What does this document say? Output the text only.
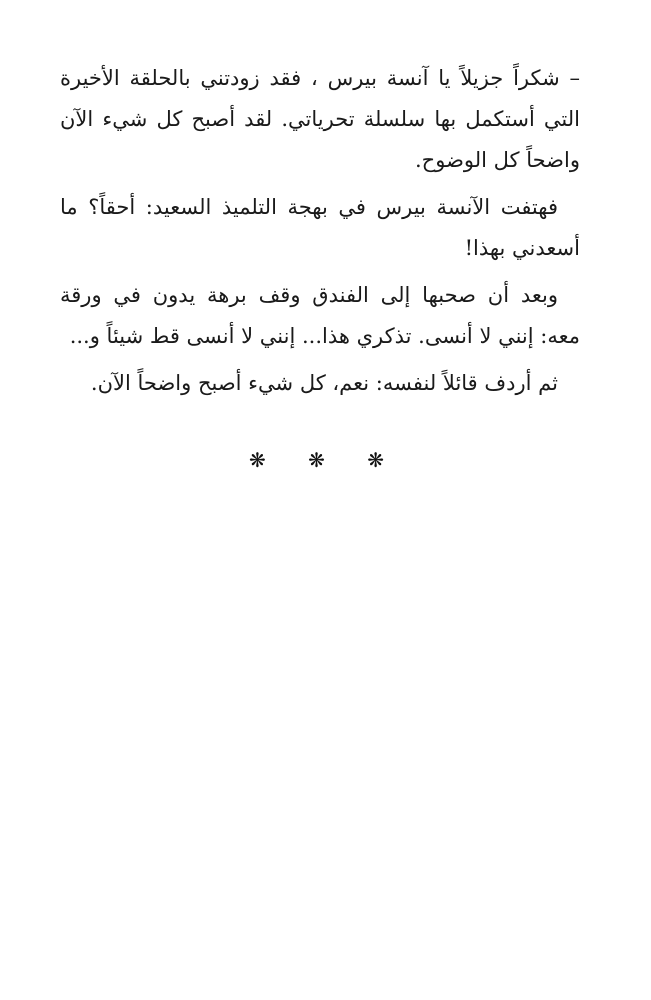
– شكراً جزيلاً يا آنسة بيرس ، فقد زودتني بالحلقة الأخيرة التي أستكمل بها سلسلة تحرياتي. لقد أصبح كل شيء الآن واضحاً كل الوضوح.

فهتفت الآنسة بيرس في بهجة التلميذ السعيد: أحقاً؟ ما أسعدني بهذا!

وبعد أن صحبها إلى الفندق وقف برهة يدون في ورقة معه: إنني لا أنسى. تذكري هذا... إنني لا أنسى قط شيئاً و...

ثم أردف قائلاً لنفسه: نعم، كل شيء أصبح واضحاً الآن.

❋ ❋ ❋
